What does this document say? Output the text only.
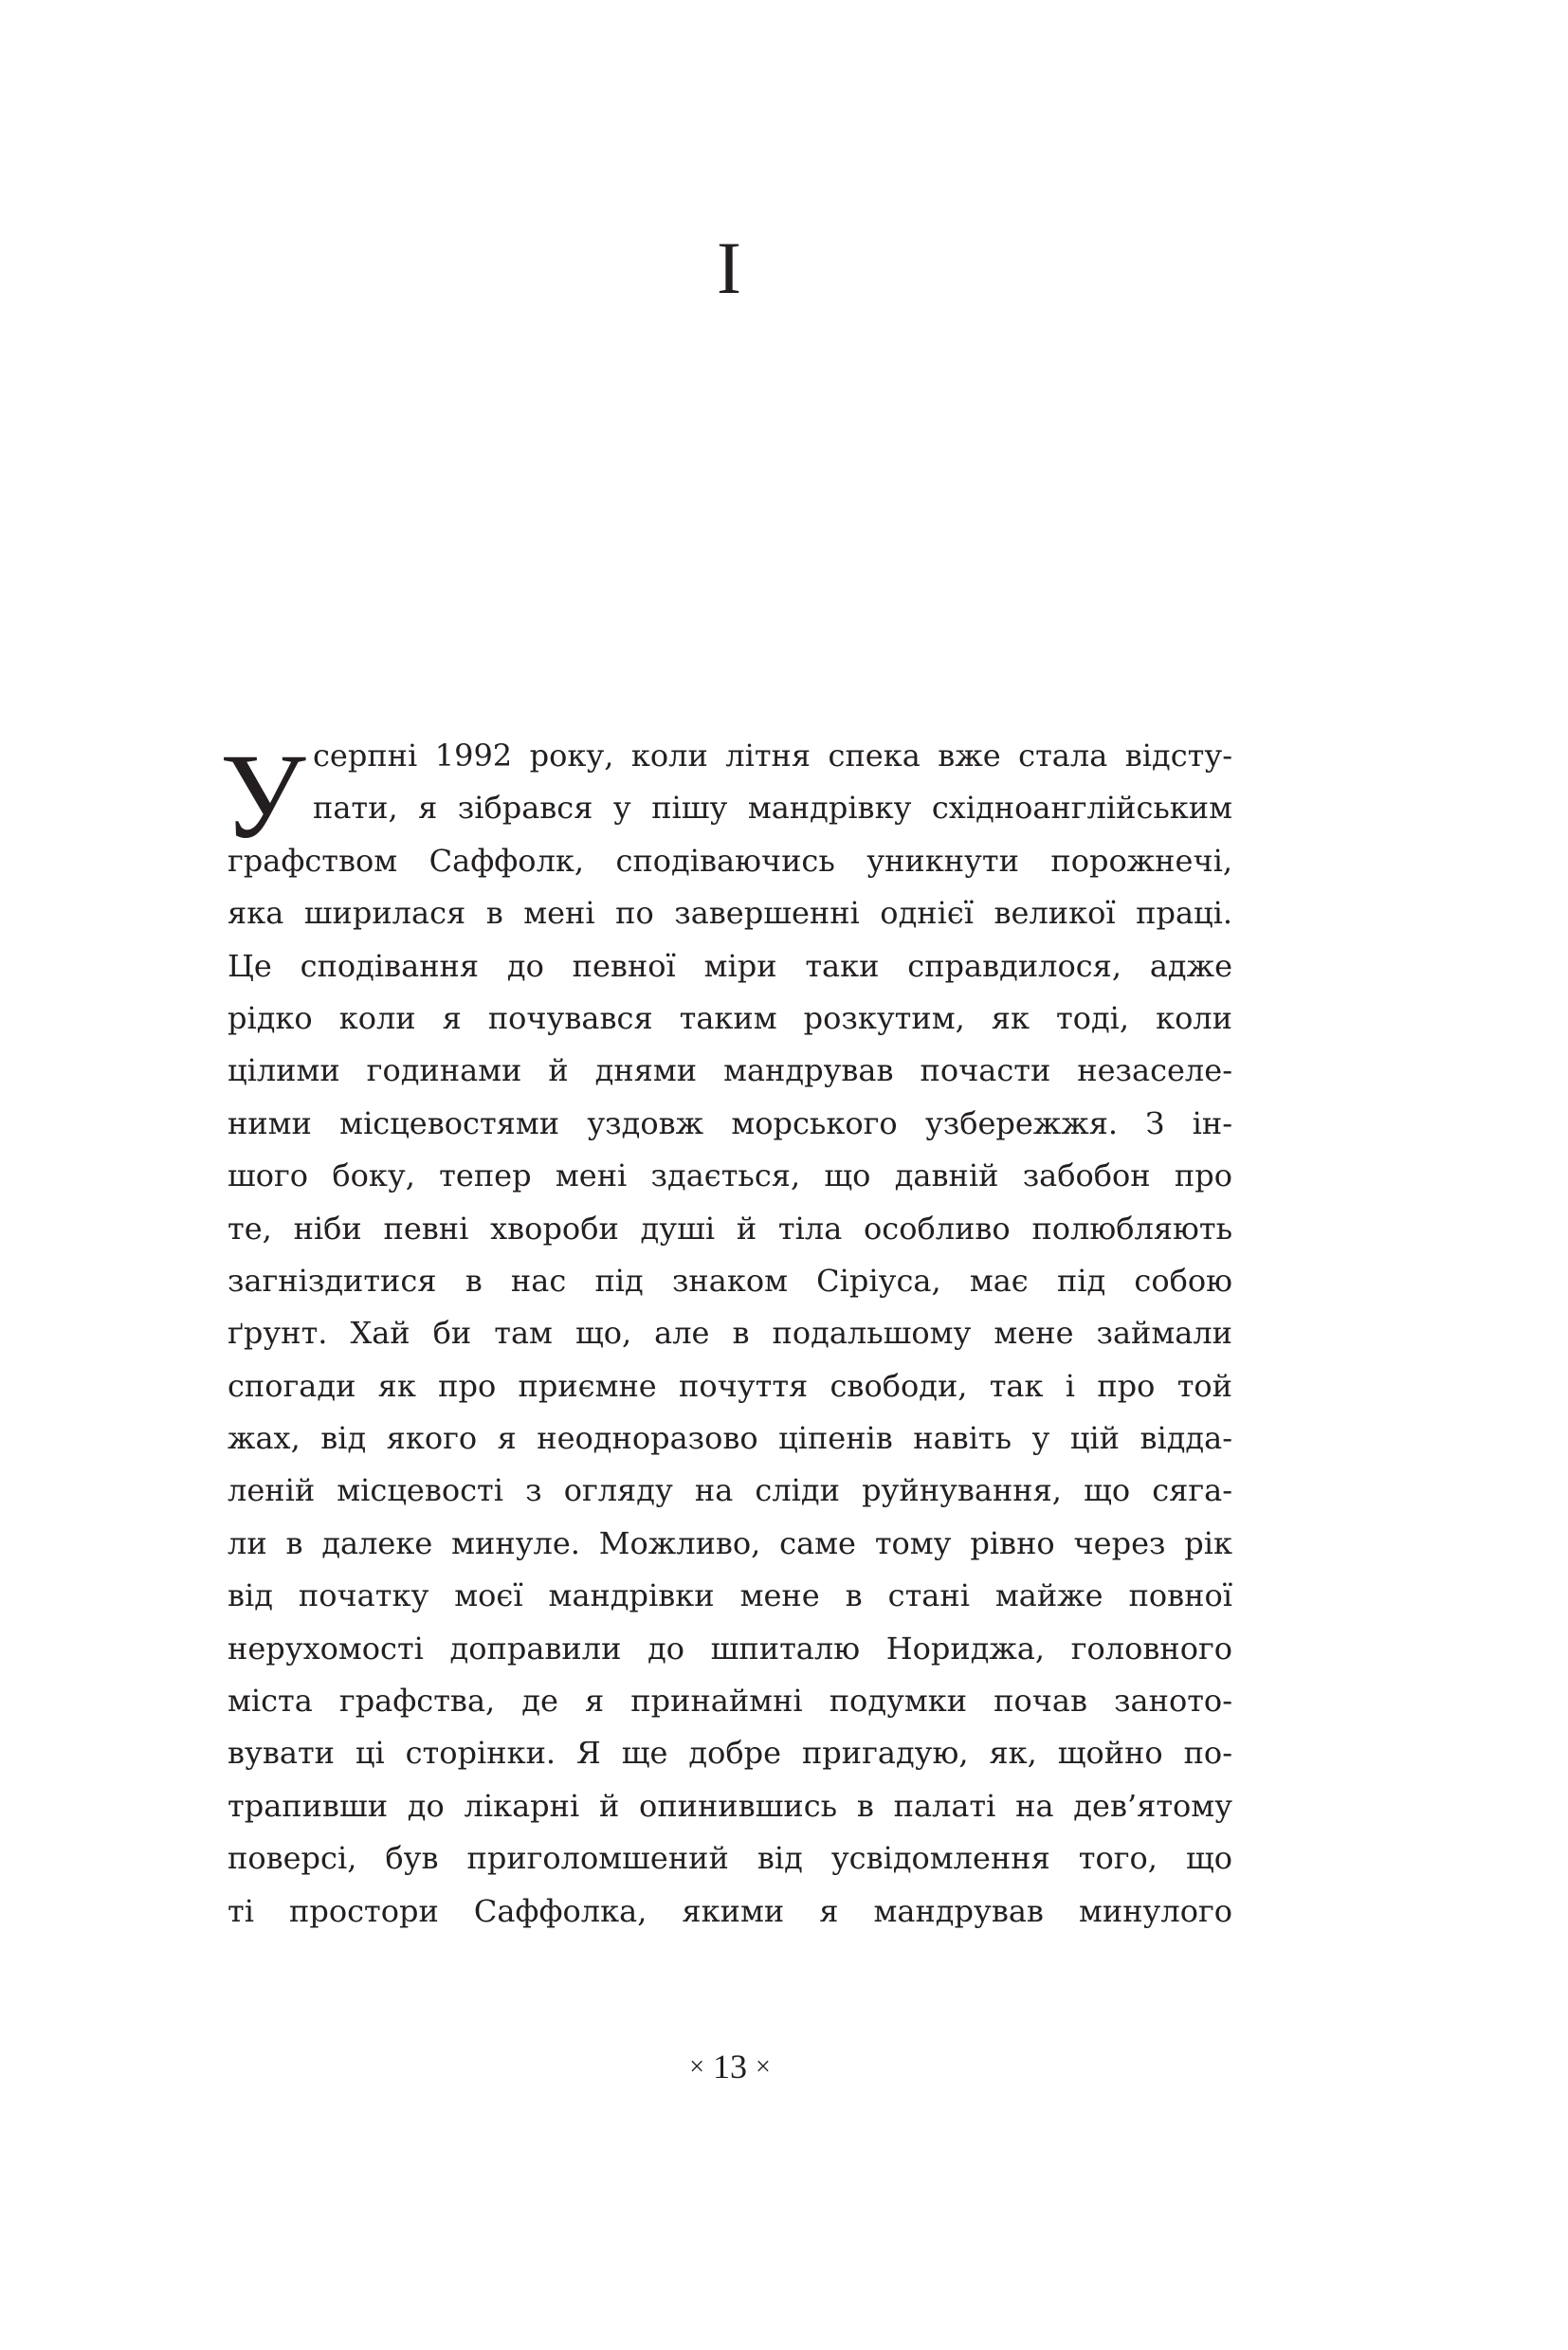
I
У серпні 1992 року, коли літня спека вже стала відсту-
пати, я зібрався у пішу мандрівку східноанглійським
графством Саффолк, сподіваючись уникнути порожнечі,
яка ширилася в мені по завершенні однієї великої праці.
Це сподівання до певної міри таки справдилося, адже
рідко коли я почувався таким розкутим, як тоді, коли
цілими годинами й днями мандрував почасти незаселе-
ними місцевостями уздовж морського узбережжя. З ін-
шого боку, тепер мені здається, що давній забобон про
те, ніби певні хвороби душі й тіла особливо полюбляють
загніздитися в нас під знаком Сіріуса, має під собою
ґрунт. Хай би там що, але в подальшому мене займали
спогади як про приємне почуття свободи, так і про той
жах, від якого я неодноразово ціпенів навіть у цій відда-
леній місцевості з огляду на сліди руйнування, що сяга-
ли в далеке минуле. Можливо, саме тому рівно через рік
від початку моєї мандрівки мене в стані майже повної
нерухомості доправили до шпиталю Нориджа, головного
міста графства, де я принаймні подумки почав занотo-
вувати ці сторінки. Я ще добре пригадую, як, щойно по-
трапивши до лікарні й опинившись в палаті на дев’ятому
поверсі, був приголомшений від усвідомлення того, що
ті простори Саффолка, якими я мандрував минулого
× 13 ×
